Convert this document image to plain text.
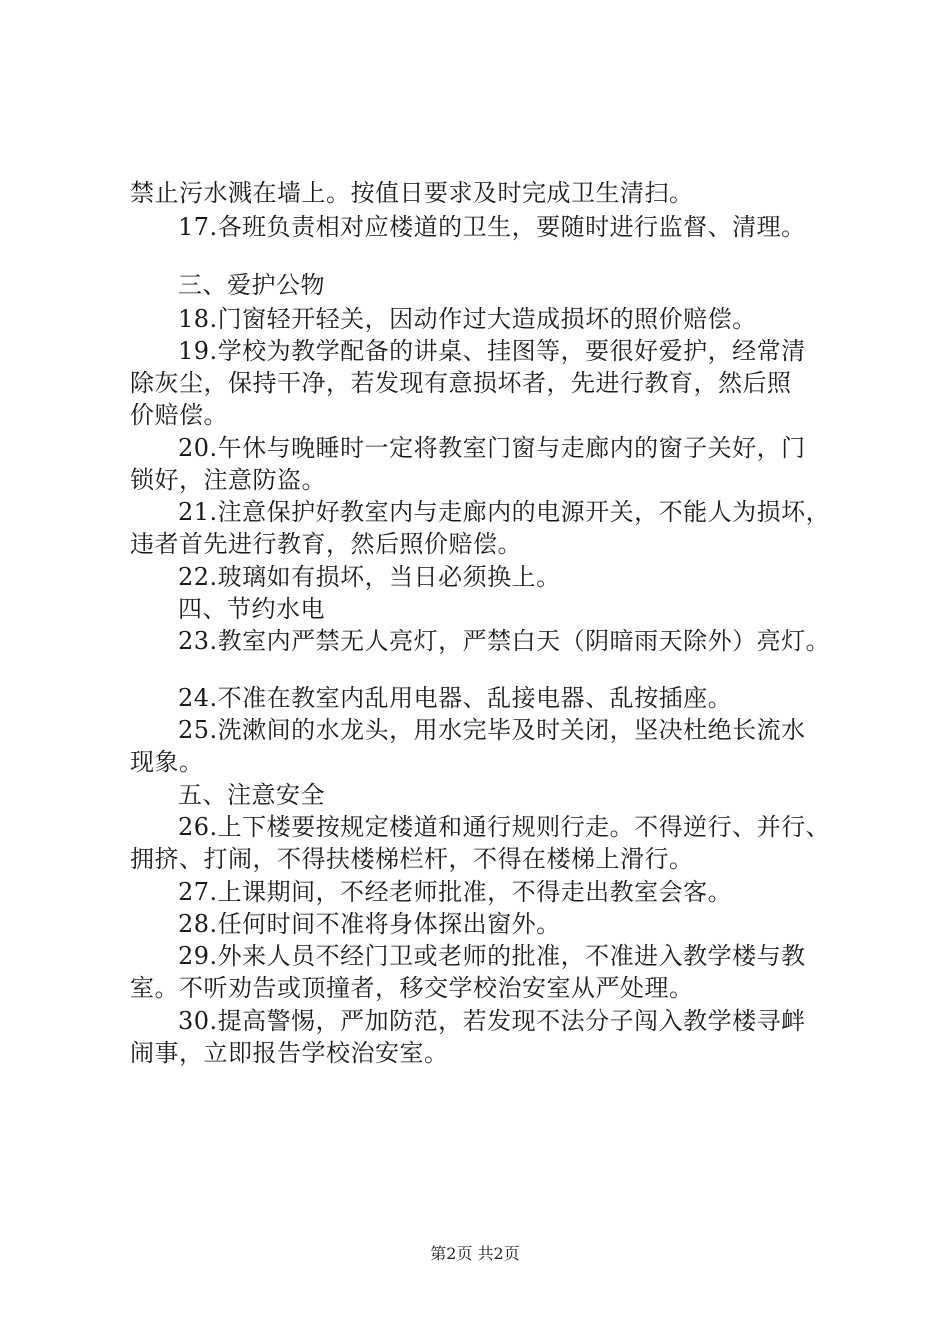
禁止污水溅在墙上。按值日要求及时完成卫生清扫。
17.各班负责相对应楼道的卫生，要随时进行监督、清理。
三、爱护公物
18.门窗轻开轻关，因动作过大造成损坏的照价赔偿。
19.学校为教学配备的讲桌、挂图等，要很好爱护，经常清
除灰尘，保持干净，若发现有意损坏者，先进行教育，然后照
价赔偿。
20.午休与晚睡时一定将教室门窗与走廊内的窗子关好，门
锁好，注意防盗。
21.注意保护好教室内与走廊内的电源开关，不能人为损坏，
违者首先进行教育，然后照价赔偿。
22.玻璃如有损坏，当日必须换上。
四、节约水电
23.教室内严禁无人亮灯，严禁白天（阴暗雨天除外）亮灯。
24.不准在教室内乱用电器、乱接电器、乱按插座。
25.洗漱间的水龙头，用水完毕及时关闭，坚决杜绝长流水
现象。
五、注意安全
26.上下楼要按规定楼道和通行规则行走。不得逆行、并行、
拥挤、打闹，不得扶楼梯栏杆，不得在楼梯上滑行。
27.上课期间，不经老师批准，不得走出教室会客。
28.任何时间不准将身体探出窗外。
29.外来人员不经门卫或老师的批准，不准进入教学楼与教
室。不听劝告或顶撞者，移交学校治安室从严处理。
30.提高警惕，严加防范，若发现不法分子闯入教学楼寻衅
闹事，立即报告学校治安室。
第2页 共2页
